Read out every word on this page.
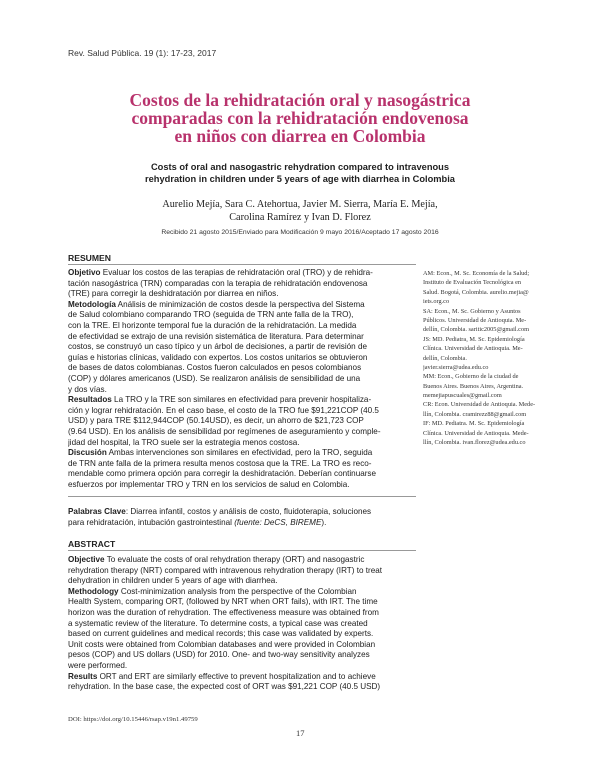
Rev. Salud Pública. 19 (1): 17-23, 2017
Costos de la rehidratación oral y nasogástrica
comparadas con la rehidratación endovenosa
en niños con diarrea en Colombia
Costs of oral and nasogastric rehydration compared to intravenous
rehydration in children under 5 years of age with diarrhea in Colombia
Aurelio Mejía, Sara C. Atehortua, Javier M. Sierra, María E. Mejía,
Carolina Ramírez y Ivan D. Florez
Recibido 21 agosto 2015/Enviado para Modificación 9 mayo 2016/Aceptado 17 agosto 2016
RESUMEN
Objetivo Evaluar los costos de las terapias de rehidratación oral (TRO) y de rehidra-
tación nasogástrica (TRN) comparadas con la terapia de rehidratación endovenosa
(TRE) para corregir la deshidratación por diarrea en niños.
Metodología Análisis de minimización de costos desde la perspectiva del Sistema
de Salud colombiano comparando TRO (seguida de TRN ante falla de la TRO),
con la TRE. El horizonte temporal fue la duración de la rehidratación. La medida
de efectividad se extrajo de una revisión sistemática de literatura. Para determinar
costos, se construyó un caso típico y un árbol de decisiones, a partir de revisión de
guías e historias clínicas, validado con expertos. Los costos unitarios se obtuvieron
de bases de datos colombianas. Costos fueron calculados en pesos colombianos
(COP) y dólares americanos (USD). Se realizaron análisis de sensibilidad de una
y dos vías.
Resultados La TRO y la TRE son similares en efectividad para prevenir hospitaliza-
ción y lograr rehidratación. En el caso base, el costo de la TRO fue $91,221COP (40.5
USD) y para TRE $112,944COP (50.14USD), es decir, un ahorro de $21,723 COP
(9.64 USD). En los análisis de sensibilidad por regímenes de aseguramiento y comple-
jidad del hospital, la TRO suele ser la estrategia menos costosa.
Discusión Ambas intervenciones son similares en efectividad, pero la TRO, seguida
de TRN ante falla de la primera resulta menos costosa que la TRE. La TRO es reco-
mendable como primera opción para corregir la deshidratación. Deberían continuarse
esfuerzos por implementar TRO y TRN en los servicios de salud en Colombia.
Palabras Clave: Diarrea infantil, costos y análisis de costo, fluidoterapia, soluciones
para rehidratación, intubación gastrointestinal (fuente: DeCS, BIREME).
ABSTRACT
Objective To evaluate the costs of oral rehydration therapy (ORT) and nasogastric
rehydration therapy (NRT) compared with intravenous rehydration therapy (IRT) to treat
dehydration in children under 5 years of age with diarrhea.
Methodology Cost-minimization analysis from the perspective of the Colombian
Health System, comparing ORT, (followed by NRT when ORT fails), with IRT. The time
horizon was the duration of rehydration. The effectiveness measure was obtained from
a systematic review of the literature. To determine costs, a typical case was created
based on current guidelines and medical records; this case was validated by experts.
Unit costs were obtained from Colombian databases and were provided in Colombian
pesos (COP) and US dollars (USD) for 2010. One- and two-way sensitivity analyzes
were performed.
Results ORT and ERT are similarly effective to prevent hospitalization and to achieve
rehydration. In the base case, the expected cost of ORT was $91,221 COP (40.5 USD)
AM: Econ., M. Sc. Economía de la Salud;
Instituto de Evaluación Tecnológica en
Salud. Bogotá, Colombia. aurelio.mejia@
iets.org.co
SA: Econ., M. Sc. Gobierno y Asuntos
Públicos. Universidad de Antioquia. Me-
dellín, Colombia. saritic2005@gmail.com
JS: MD. Pediatra, M. Sc. Epidemiología
Clínica. Universidad de Antioquia. Me-
dellín, Colombia.
javier.sierra@udea.edu.co
MM: Econ., Gobierno de la ciudad de
Buenos Aires. Buenos Aires, Argentina.
memejiapuscuales@gmail.com
CR: Econ. Universidad de Antioquia. Mede-
llín, Colombia. cramirezz88@gmail.com
IF: MD. Pediatra. M. Sc. Epidemiología
Clínica. Universidad de Antioquia. Mede-
llín, Colombia. ivan.florez@udea.edu.co
DOI: https://doi.org/10.15446/rsap.v19n1.49759
17
